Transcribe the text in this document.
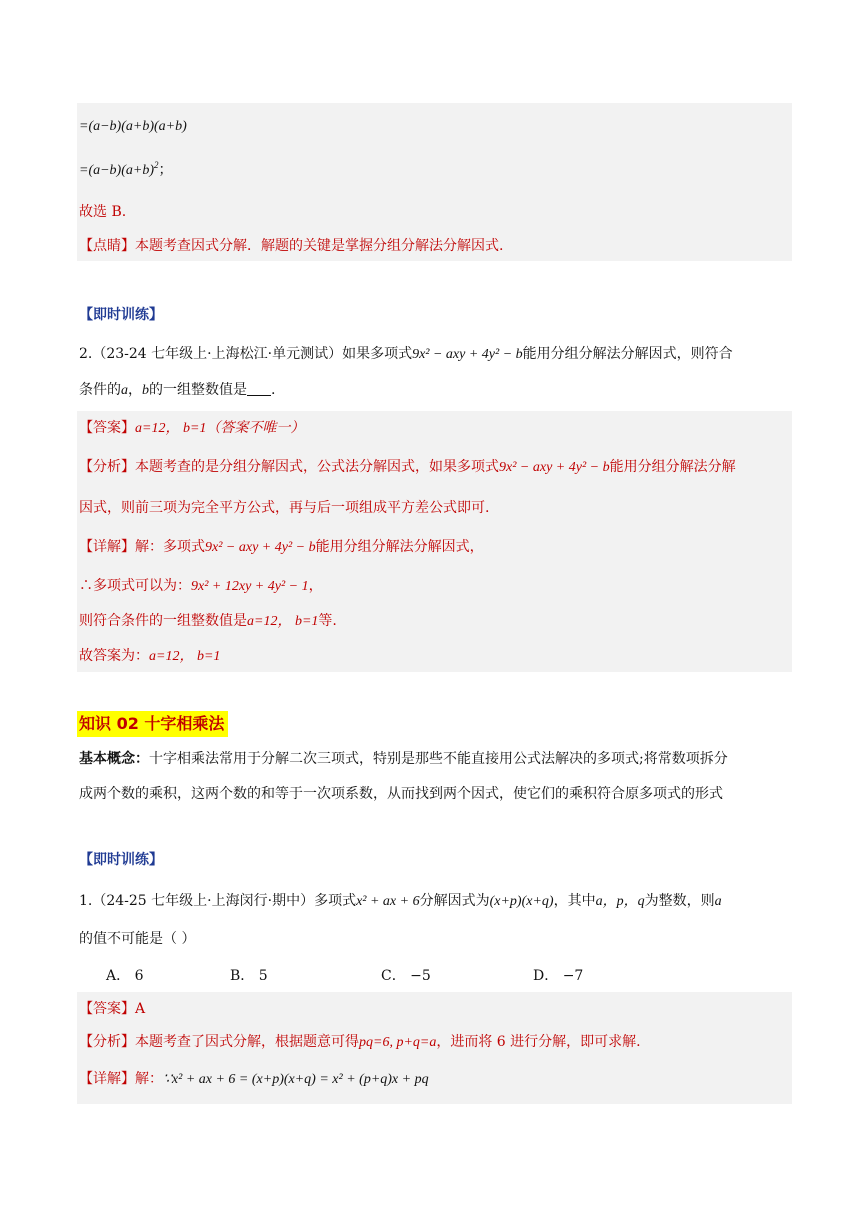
=(a−b)(a+b)(a+b)
$=(a-b)(a+b)^2$；
故选 B.
【点睛】本题考查因式分解．解题的关键是掌握分组分解法分解因式.
【即时训练】
2.（23-24 七年级上·上海松江·单元测试）如果多项式9x² − axy + 4y² − b能用分组分解法分解因式，则符合
条件的a，b的一组整数值是 .
【答案】a=12， b=1（答案不唯一）
【分析】本题考查的是分组分解因式，公式法分解因式，如果多项式9x² − axy + 4y² − b能用分组分解法分解
因式，则前三项为完全平方公式，再与后一项组成平方差公式即可.
【详解】解：多项式9x² − axy + 4y² − b能用分组分解法分解因式，
∴多项式可以为：9x² + 12xy + 4y² − 1，
则符合条件的一组整数值是a=12， b=1等.
故答案为：a=12， b=1
知识 02 十字相乘法
基本概念：十字相乘法常用于分解二次三项式，特别是那些不能直接用公式法解决的多项式;将常数项拆分
成两个数的乘积，这两个数的和等于一次项系数，从而找到两个因式，使它们的乘积符合原多项式的形式
【即时训练】
1.（24-25 七年级上·上海闵行·期中）多项式x² + ax + 6分解因式为(x+p)(x+q)，其中a，p，q为整数，则a
的值不可能是（ ）
A． 6	B． 5	C． −5	D． −7
【答案】A
【分析】本题考查了因式分解，根据题意可得pq=6, p+q=a，进而将 6 进行分解，即可求解.
【详解】解：∵x² + ax + 6 = (x+p)(x+q) = x² + (p+q)x + pq
